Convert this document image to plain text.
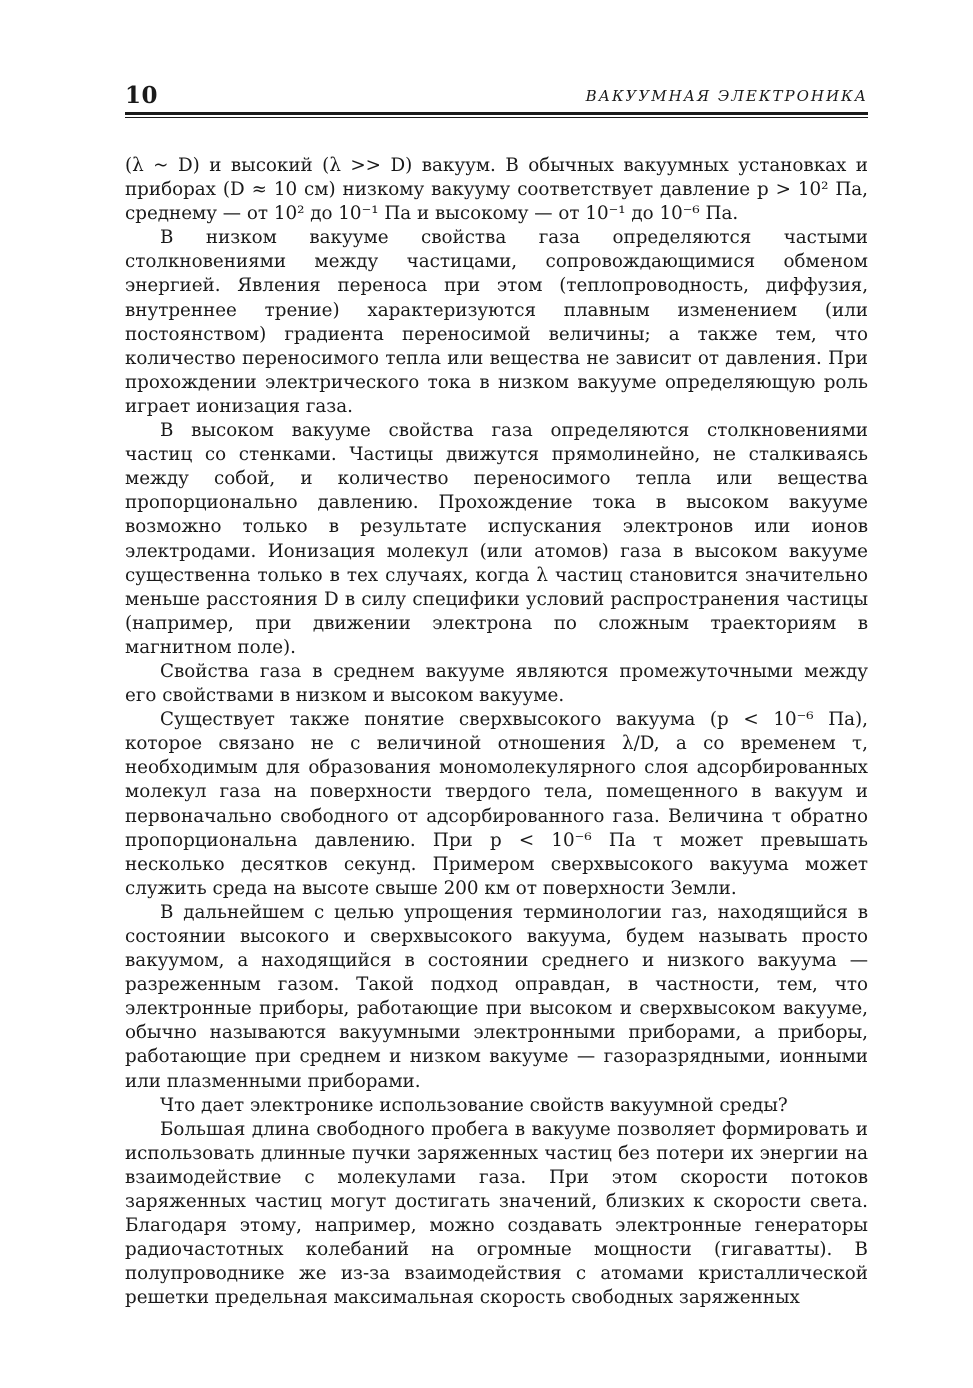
10	ВАКУУМНАЯ ЭЛЕКТРОНИКА

(λ ~ D) и высокий (λ >> D) вакуум. В обычных вакуумных установках и приборах (D ≈ 10 см) низкому вакууму соответствует давление p > 10² Па, среднему — от 10² до 10⁻¹ Па и высокому — от 10⁻¹ до 10⁻⁶ Па.

В низком вакууме свойства газа определяются частыми столкновениями между частицами, сопровождающимися обменом энергией. Явления переноса при этом (теплопроводность, диффузия, внутреннее трение) характеризуются плавным изменением (или постоянством) градиента переносимой величины; а также тем, что количество переносимого тепла или вещества не зависит от давления. При прохождении электрического тока в низком вакууме определяющую роль играет ионизация газа.

В высоком вакууме свойства газа определяются столкновениями частиц со стенками. Частицы движутся прямолинейно, не сталкиваясь между собой, и количество переносимого тепла или вещества пропорционально давлению. Прохождение тока в высоком вакууме возможно только в результате испускания электронов или ионов электродами. Ионизация молекул (или атомов) газа в высоком вакууме существенна только в тех случаях, когда λ частиц становится значительно меньше расстояния D в силу специфики условий распространения частицы (например, при движении электрона по сложным траекториям в магнитном поле).

Свойства газа в среднем вакууме являются промежуточными между его свойствами в низком и высоком вакууме.

Существует также понятие сверхвысокого вакуума (p < 10⁻⁶ Па), которое связано не с величиной отношения λ/D, а со временем τ, необходимым для образования мономолекулярного слоя адсорбированных молекул газа на поверхности твердого тела, помещенного в вакуум и первоначально свободного от адсорбированного газа. Величина τ обратно пропорциональна давлению. При p < 10⁻⁶ Па τ может превышать несколько десятков секунд. Примером сверхвысокого вакуума может служить среда на высоте свыше 200 км от поверхности Земли.

В дальнейшем с целью упрощения терминологии газ, находящийся в состоянии высокого и сверхвысокого вакуума, будем называть просто вакуумом, а находящийся в состоянии среднего и низкого вакуума — разреженным газом. Такой подход оправдан, в частности, тем, что электронные приборы, работающие при высоком и сверхвысоком вакууме, обычно называются вакуумными электронными приборами, а приборы, работающие при среднем и низком вакууме — газоразрядными, ионными или плазменными приборами.

Что дает электронике использование свойств вакуумной среды?

Большая длина свободного пробега в вакууме позволяет формировать и использовать длинные пучки заряженных частиц без потери их энергии на взаимодействие с молекулами газа. При этом скорости потоков заряженных частиц могут достигать значений, близких к скорости света. Благодаря этому, например, можно создавать электронные генераторы радиочастотных колебаний на огромные мощности (гигаватты). В полупроводнике же из-за взаимодействия с атомами кристаллической решетки предельная максимальная скорость свободных заряженных
